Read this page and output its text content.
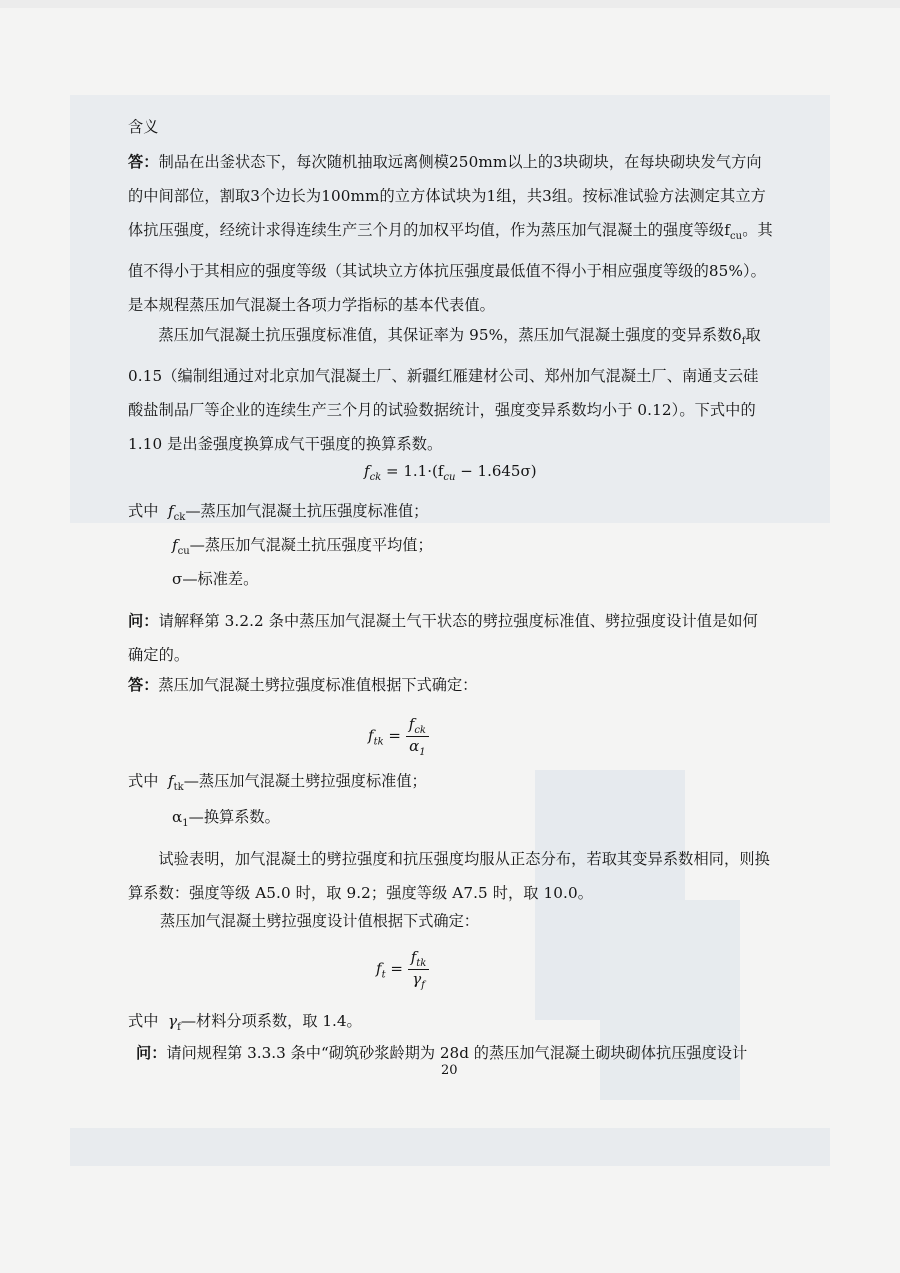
含义
答：制品在出釜状态下，每次随机抽取远离侧模250mm以上的3块砌块，在每块砌块发气方向的中间部位，割取3个边长为100mm的立方体试块为1组，共3组。按标准试验方法测定其立方体抗压强度，经统计求得连续生产三个月的加权平均值，作为蒸压加气混凝土的强度等级$f_{cu}$。其值不得小于其相应的强度等级（其试块立方体抗压强度最低值不得小于相应强度等级的85%）。是本规程蒸压加气混凝土各项力学指标的基本代表值。
蒸压加气混凝土抗压强度标准值，其保证率为 95%，蒸压加气混凝土强度的变异系数$\delta_f$取 0.15（编制组通过对北京加气混凝土厂、新疆红雁建材公司、郑州加气混凝土厂、南通支云硅酸盐制品厂等企业的连续生产三个月的试验数据统计，强度变异系数均小于 0.12）。下式中的 1.10 是出釜强度换算成气干强度的换算系数。
$f_{ck} = 1.1\cdot(f_{cu} - 1.645\sigma)$
式中 $f_{ck}—$蒸压加气混凝土抗压强度标准值；
$f_{cu}—$蒸压加气混凝土抗压强度平均值；
σ—标准差。
问：请解释第 3.2.2 条中蒸压加气混凝土气干状态的劈拉强度标准值、劈拉强度设计值是如何确定的。
答：蒸压加气混凝土劈拉强度标准值根据下式确定：
$f_{tk} = \frac{f_{ck}}{\alpha_1}$
式中 $f_{tk}—$蒸压加气混凝土劈拉强度标准值；
$\alpha_1—$换算系数。
试验表明，加气混凝土的劈拉强度和抗压强度均服从正态分布，若取其变异系数相同，则换算系数：强度等级 A5.0 时，取 9.2；强度等级 A7.5 时，取 10.0。
蒸压加气混凝土劈拉强度设计值根据下式确定：
$f_t = \frac{f_{tk}}{\gamma_f}$
式中 $\gamma_f—$材料分项系数，取 1.4。
问：请问规程第 3.3.3 条中“砌筑砂浆龄期为 28d 的蒸压加气混凝土砌块砌体抗压强度设计
20
